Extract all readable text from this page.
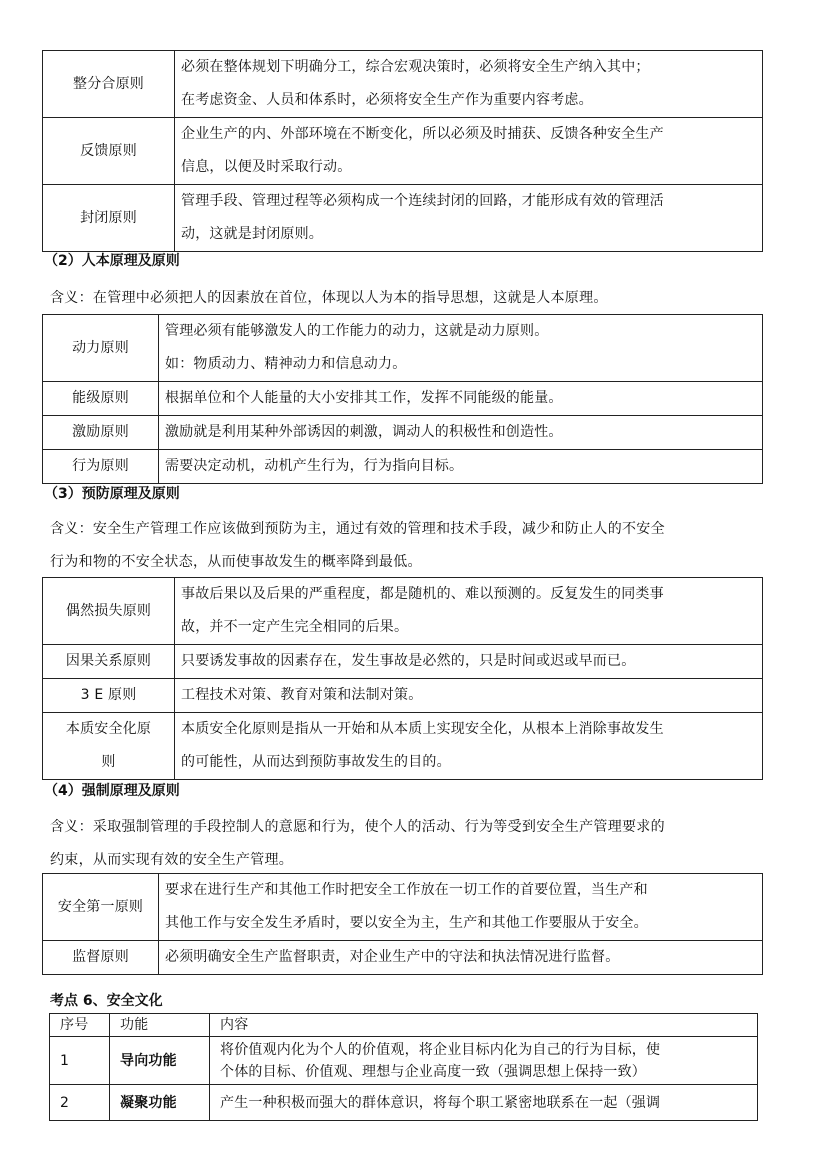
整分合原则	必须在整体规划下明确分工，综合宏观决策时，必须将安全生产纳入其中；
在考虑资金、人员和体系时，必须将安全生产作为重要内容考虑。

反馈原则	企业生产的内、外部环境在不断变化，所以必须及时捕获、反馈各种安全生产
信息，以便及时采取行动。

封闭原则	管理手段、管理过程等必须构成一个连续封闭的回路，才能形成有效的管理活
动，这就是封闭原则。
（2）人本原理及原则
含义：在管理中必须把人的因素放在首位，体现以人为本的指导思想，这就是人本原理。
动力原则	管理必须有能够激发人的工作能力的动力，这就是动力原则。
如：物质动力、精神动力和信息动力。

能级原则	根据单位和个人能量的大小安排其工作，发挥不同能级的能量。
激励原则	激励就是利用某种外部诱因的刺激，调动人的积极性和创造性。
行为原则	需要决定动机，动机产生行为，行为指向目标。
（3）预防原理及原则
含义：安全生产管理工作应该做到预防为主，通过有效的管理和技术手段，减少和防止人的不安全
行为和物的不安全状态，从而使事故发生的概率降到最低。
偶然损失原则	事故后果以及后果的严重程度，都是随机的、难以预测的。反复发生的同类事
故，并不一定产生完全相同的后果。

因果关系原则	只要诱发事故的因素存在，发生事故是必然的，只是时间或迟或早而已。
3 E 原则	工程技术对策、教育对策和法制对策。

本质安全化原
则	本质安全化原则是指从一开始和从本质上实现安全化，从根本上消除事故发生
的可能性，从而达到预防事故发生的目的。
（4）强制原理及原则
含义：采取强制管理的手段控制人的意愿和行为，使个人的活动、行为等受到安全生产管理要求的
约束，从而实现有效的安全生产管理。
安全第一原则	要求在进行生产和其他工作时把安全工作放在一切工作的首要位置，当生产和
其他工作与安全发生矛盾时，要以安全为主，生产和其他工作要服从于安全。

监督原则	必须明确安全生产监督职责，对企业生产中的守法和执法情况进行监督。
考点 6、安全文化
序号	功能	内容
1	导向功能	将价值观内化为个人的价值观，将企业目标内化为自己的行为目标，使
个体的目标、价值观、理想与企业高度一致（强调思想上保持一致）

2	凝聚功能	产生一种积极而强大的群体意识，将每个职工紧密地联系在一起（强调
